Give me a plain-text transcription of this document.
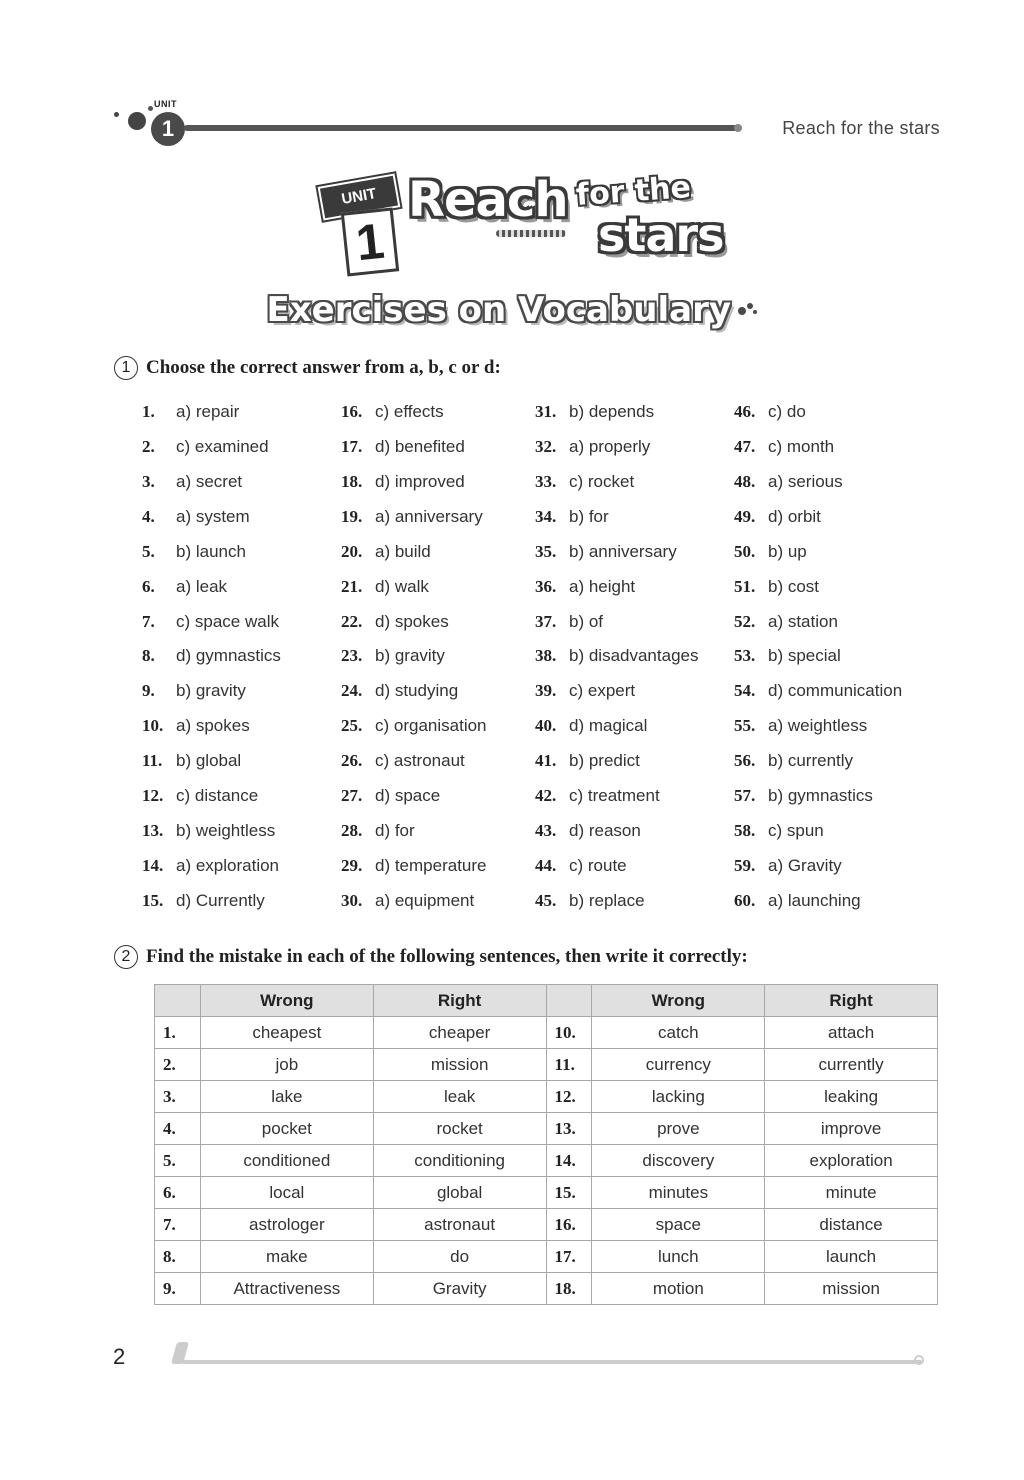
UNIT
1	Reach for the stars
UNIT
1
Reach for the
stars
Exercises on Vocabulary
1 Choose the correct answer from a, b, c or d:
1.	a) repair
2.	c) examined
3.	a) secret
4.	a) system
5.	b) launch
6.	a) leak
7.	c) space walk
8.	d) gymnastics
9.	b) gravity
10. a) spokes
11. b) global
12. c) distance
13. b) weightless
14. a) exploration
15. d) Currently
16. c) effects
17. d) benefited
18. d) improved
19. a) anniversary
20. a) build
21. d) walk
22. d) spokes
23. b) gravity
24. d) studying
25. c) organisation
26. c) astronaut
27. d) space
28. d) for
29. d) temperature
30. a) equipment
31. b) depends
32. a) properly
33. c) rocket
34. b) for
35. b) anniversary
36. a) height
37. b) of
38. b) disadvantages
39. c) expert
40. d) magical
41. b) predict
42. c) treatment
43. d) reason
44. c) route
45. b) replace
46. c) do
47. c) month
48. a) serious
49. d) orbit
50. b) up
51. b) cost
52. a) station
53. b) special
54. d) communication
55. a) weightless
56. b) currently
57. b) gymnastics
58. c) spun
59. a) Gravity
60. a) launching
2 Find the mistake in each of the following sentences, then write it correctly:
	Wrong	Right		Wrong	Right
1.	cheapest	cheaper	10.	catch	attach
2.	job	mission	11.	currency	currently
3.	lake	leak	12.	lacking	leaking
4.	pocket	rocket	13.	prove	improve
5.	conditioned	conditioning	14.	discovery	exploration
6.	local	global	15.	minutes	minute
7.	astrologer	astronaut	16.	space	distance
8.	make	do	17.	lunch	launch
9.	Attractiveness	Gravity	18.	motion	mission
2
